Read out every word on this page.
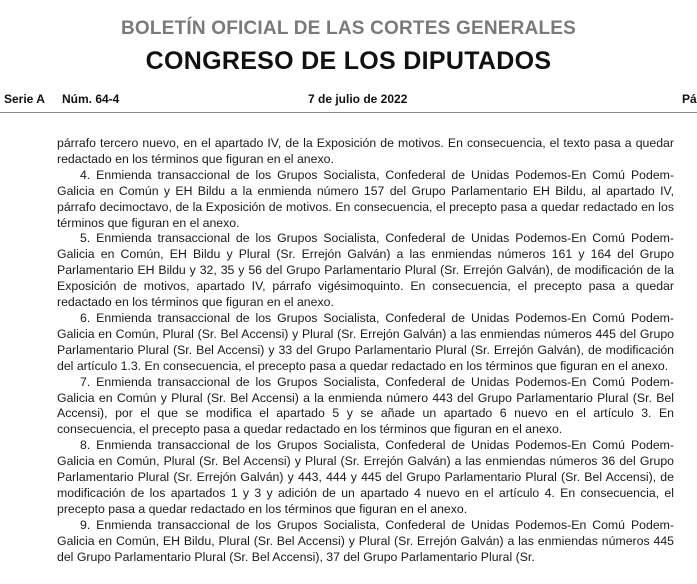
BOLETÍN OFICIAL DE LAS CORTES GENERALES
CONGRESO DE LOS DIPUTADOS
Serie A Núm. 64-4	7 de julio de 2022	Pá

párrafo tercero nuevo, en el apartado IV, de la Exposición de motivos. En consecuencia, el texto pasa a quedar redactado en los términos que figuran en el anexo.

4. Enmienda transaccional de los Grupos Socialista, Confederal de Unidas Podemos-En Comú Podem-Galicia en Común y EH Bildu a la enmienda número 157 del Grupo Parlamentario EH Bildu, al apartado IV, párrafo decimoctavo, de la Exposición de motivos. En consecuencia, el precepto pasa a quedar redactado en los términos que figuran en el anexo.

5. Enmienda transaccional de los Grupos Socialista, Confederal de Unidas Podemos-En Comú Podem-Galicia en Común, EH Bildu y Plural (Sr. Errejón Galván) a las enmiendas números 161 y 164 del Grupo Parlamentario EH Bildu y 32, 35 y 56 del Grupo Parlamentario Plural (Sr. Errejón Galván), de modificación de la Exposición de motivos, apartado IV, párrafo vigésimoquinto. En consecuencia, el precepto pasa a quedar redactado en los términos que figuran en el anexo.

6. Enmienda transaccional de los Grupos Socialista, Confederal de Unidas Podemos-En Comú Podem-Galicia en Común, Plural (Sr. Bel Accensi) y Plural (Sr. Errejón Galván) a las enmiendas números 445 del Grupo Parlamentario Plural (Sr. Bel Accensi) y 33 del Grupo Parlamentario Plural (Sr. Errejón Galván), de modificación del artículo 1.3. En consecuencia, el precepto pasa a quedar redactado en los términos que figuran en el anexo.

7. Enmienda transaccional de los Grupos Socialista, Confederal de Unidas Podemos-En Comú Podem-Galicia en Común y Plural (Sr. Bel Accensi) a la enmienda número 443 del Grupo Parlamentario Plural (Sr. Bel Accensi), por el que se modifica el apartado 5 y se añade un apartado 6 nuevo en el artículo 3. En consecuencia, el precepto pasa a quedar redactado en los términos que figuran en el anexo.

8. Enmienda transaccional de los Grupos Socialista, Confederal de Unidas Podemos-En Comú Podem-Galicia en Común, Plural (Sr. Bel Accensi) y Plural (Sr. Errejón Galván) a las enmiendas números 36 del Grupo Parlamentario Plural (Sr. Errejón Galván) y 443, 444 y 445 del Grupo Parlamentario Plural (Sr. Bel Accensi), de modificación de los apartados 1 y 3 y adición de un apartado 4 nuevo en el artículo 4. En consecuencia, el precepto pasa a quedar redactado en los términos que figuran en el anexo.

9. Enmienda transaccional de los Grupos Socialista, Confederal de Unidas Podemos-En Comú Podem-Galicia en Común, EH Bildu, Plural (Sr. Bel Accensi) y Plural (Sr. Errejón Galván) a las enmiendas números 445 del Grupo Parlamentario Plural (Sr. Bel Accensi), 37 del Grupo Parlamentario Plural (Sr.
